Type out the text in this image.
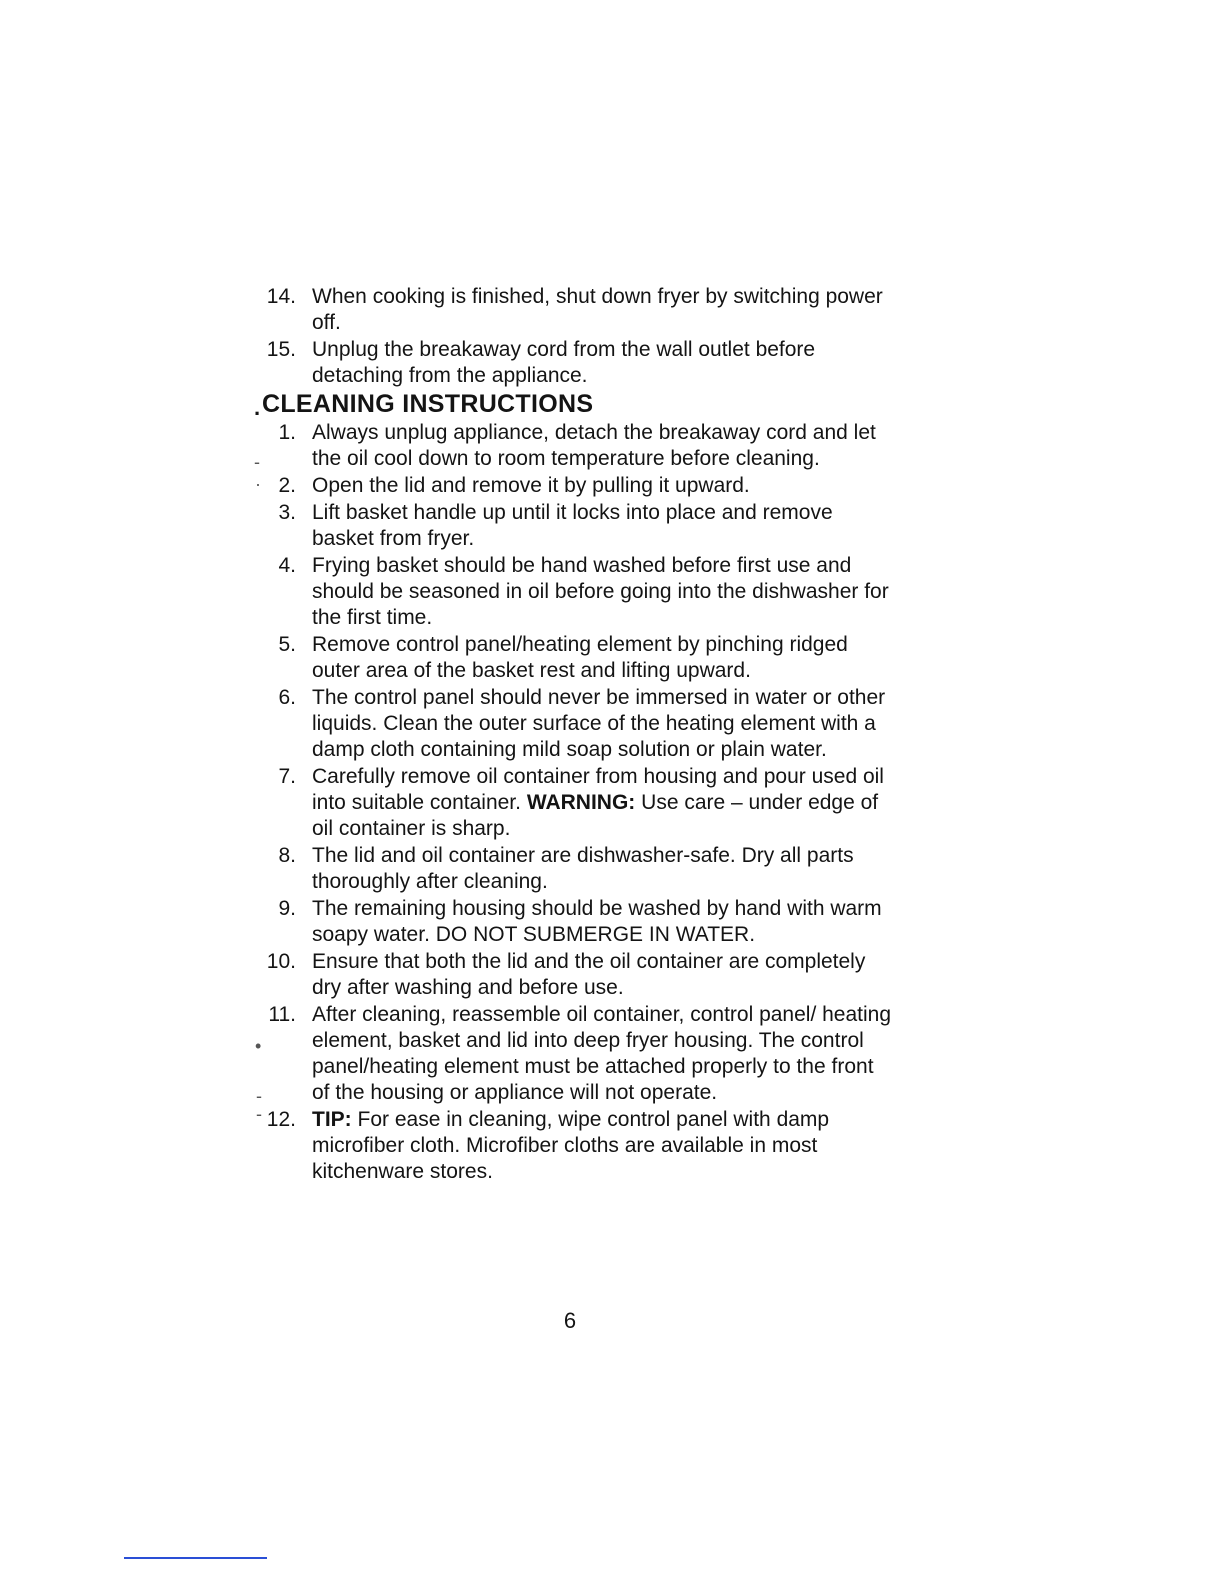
14. When cooking is finished, shut down fryer by switching power off.
15. Unplug the breakaway cord from the wall outlet before detaching from the appliance.
. CLEANING INSTRUCTIONS
-
·
•
-
-
1. Always unplug appliance, detach the breakaway cord and let the oil cool down to room temperature before cleaning.
2. Open the lid and remove it by pulling it upward.
3. Lift basket handle up until it locks into place and remove basket from fryer.
4. Frying basket should be hand washed before first use and should be seasoned in oil before going into the dishwasher for the first time.
5. Remove control panel/heating element by pinching ridged outer area of the basket rest and lifting upward.
6. The control panel should never be immersed in water or other liquids. Clean the outer surface of the heating element with a damp cloth containing mild soap solution or plain water.
7. Carefully remove oil container from housing and pour used oil into suitable container. WARNING: Use care – under edge of oil container is sharp.
8. The lid and oil container are dishwasher-safe. Dry all parts thoroughly after cleaning.
9. The remaining housing should be washed by hand with warm soapy water. DO NOT SUBMERGE IN WATER.
10. Ensure that both the lid and the oil container are completely dry after washing and before use.
11. After cleaning, reassemble oil container, control panel/ heating element, basket and lid into deep fryer housing. The control panel/heating element must be attached properly to the front of the housing or appliance will not operate.
12. TIP: For ease in cleaning, wipe control panel with damp microfiber cloth. Microfiber cloths are available in most kitchenware stores.
6
